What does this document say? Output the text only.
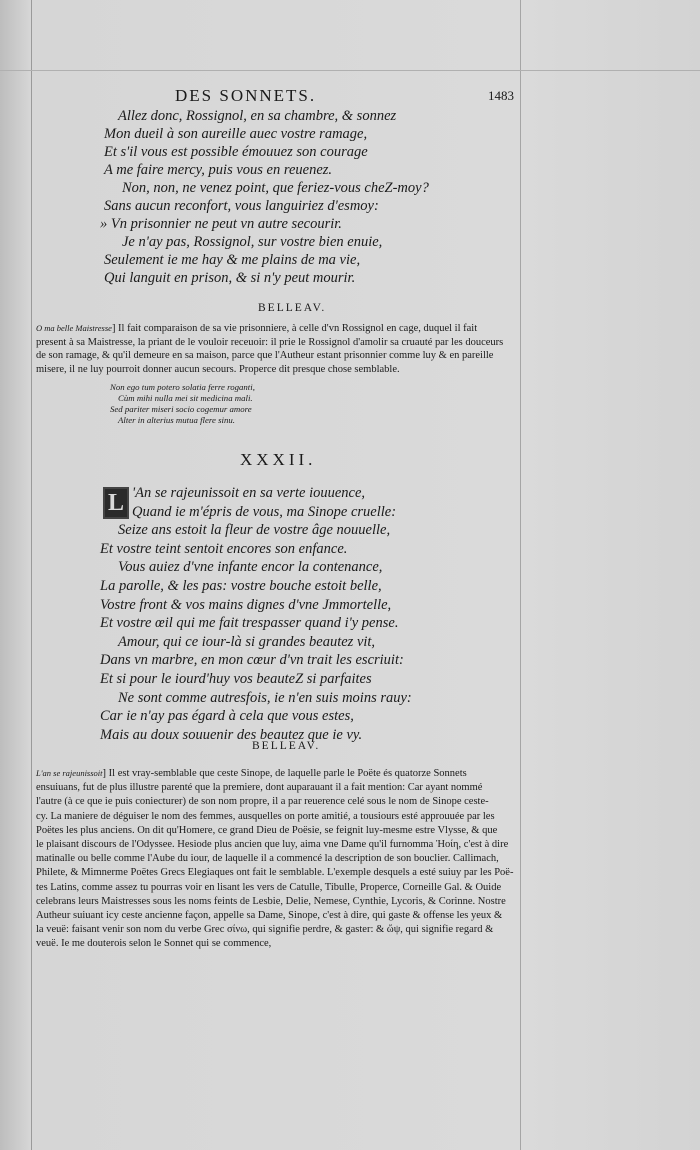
DES SONNETS.	1483
Allez donc, Rossignol, en sa chambre, & sonnez
Mon dueil à son aureille auec vostre ramage,
Et s'il vous est possible émouuez son courage
A me faire mercy, puis vous en reuenez.
Non, non, ne venez point, que feriez-vous cheZ-moy?
Sans aucun reconfort, vous languiriez d'esmoy:
» Vn prisonnier ne peut vn autre secourir.
Je n'ay pas, Rossignol, sur vostre bien enuie,
Seulement ie me hay & me plains de ma vie,
Qui languit en prison, & si n'y peut mourir.
BELLEAV.
O ma belle Maistresse] Il fait comparaison de sa vie prisonniere, à celle d'vn Rossignol en cage, duquel il fait
present à sa Maistresse, la priant de le vouloir receuoir: il prie le Rossignol d'amolir sa cruauté par les douceurs
de son ramage, & qu'il demeure en sa maison, parce que l'Autheur estant prisonnier comme luy & en pareille
misere, il ne luy pourroit donner aucun secours. Properce dit presque chose semblable.
Non ego tum potero solatia ferre roganti,
Cùm mihi nulla mei sit medicina mali.
Sed pariter miseri socio cogemur amore
Alter in alterius mutua flere sinu.
XXXII.
L 'An se rajeunissoit en sa verte iouuence,
Quand ie m'épris de vous, ma Sinope cruelle:
Seize ans estoit la fleur de vostre âge nouuelle,
Et vostre teint sentoit encores son enfance.
Vous auiez d'vne infante encor la contenance,
La parolle, & les pas: vostre bouche estoit belle,
Vostre front & vos mains dignes d'vne Jmmortelle,
Et vostre œil qui me fait trespasser quand i'y pense.
Amour, qui ce iour-là si grandes beautez vit,
Dans vn marbre, en mon cœur d'vn trait les escriuit:
Et si pour le iourd'huy vos beauteZ si parfaites
Ne sont comme autresfois, ie n'en suis moins rauy:
Car ie n'ay pas égard à cela que vous estes,
Mais au doux souuenir des beautez que ie vy.
BELLEAV.
L'an se rajeunissoit] Il est vray-semblable que ceste Sinope, de laquelle parle le Poëte és quatorze Sonnets
ensuiuans, fut de plus illustre parenté que la premiere, dont auparauant il a fait mention: Car ayant nommé
l'autre (à ce que ie puis coniecturer) de son nom propre, il a par reuerence celé sous le nom de Sinope ceste-
cy. La maniere de déguiser le nom des femmes, ausquelles on porte amitié, a tousiours esté approuuée par les
Poëtes les plus anciens. On dit qu'Homere, ce grand Dieu de Poësie, se feignit luy-mesme estre Vlysse, & que
le plaisant discours de l'Odyssee. Hesiode plus ancien que luy, aima vne Dame qu'il furnomma Ἠοίη, c'est à dire
matinalle ou belle comme l'Aube du iour, de laquelle il a commencé la description de son bouclier. Callimach,
Philete, & Mimnerme Poëtes Grecs Elegiaques ont fait le semblable. L'exemple desquels a esté suiuy par les Poë-
tes Latins, comme assez tu pourras voir en lisant les vers de Catulle, Tibulle, Properce, Corneille Gal. & Ouide
celebrans leurs Maistresses sous les noms feints de Lesbie, Delie, Nemese, Cynthie, Lycoris, & Corinne. Nostre
Autheur suiuant icy ceste ancienne façon, appelle sa Dame, Sinope, c'est à dire, qui gaste & offense les yeux &
la veuë: faisant venir son nom du verbe Grec σίνω, qui signifie perdre, & gaster: & ὤψ, qui signifie regard &
veuë. Ie me douterois selon le Sonnet qui se commence,
